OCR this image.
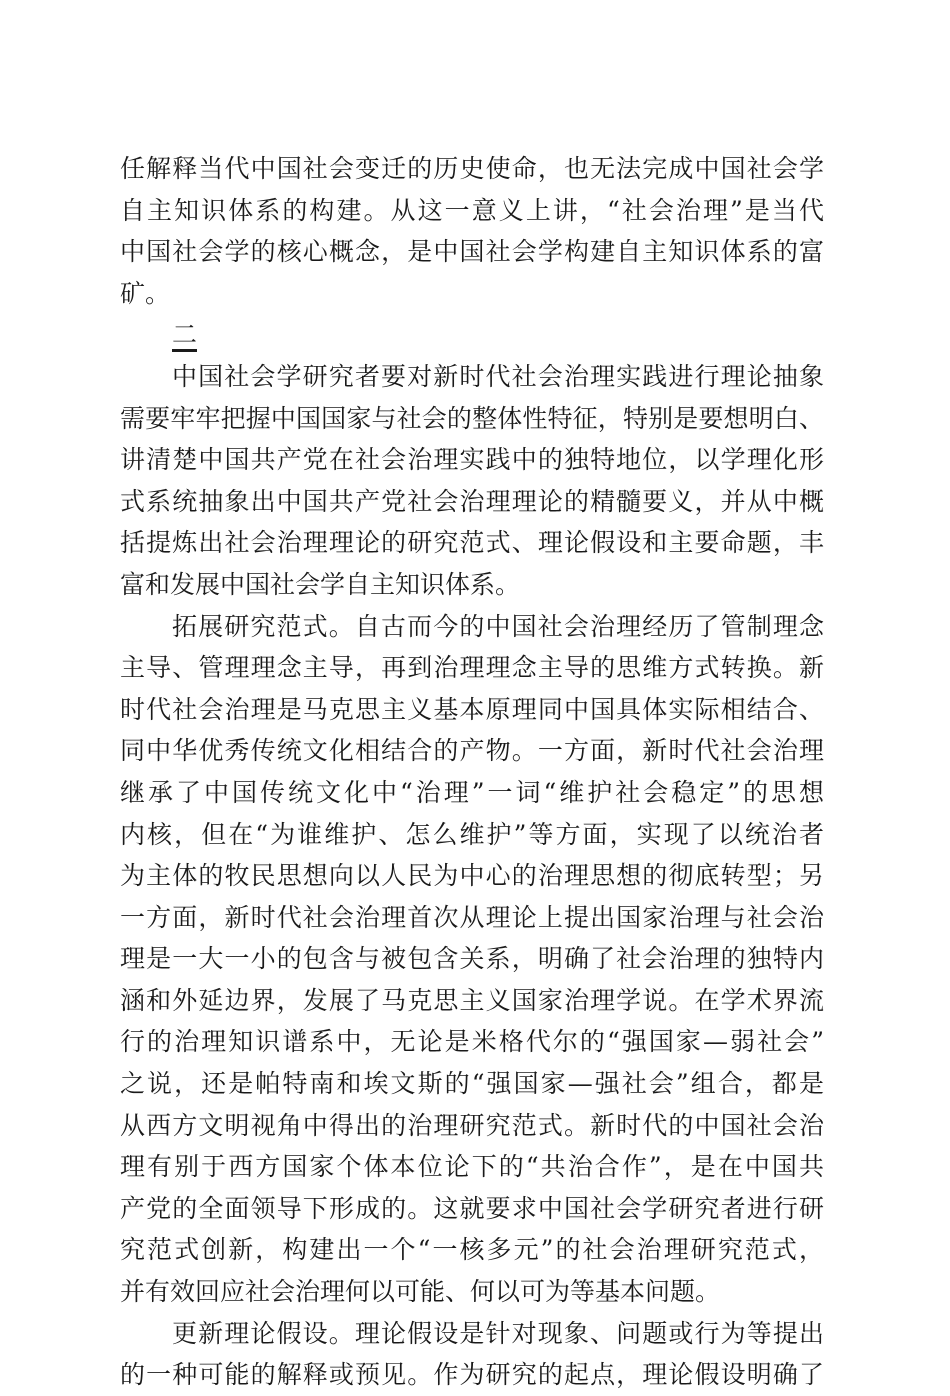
任解释当代中国社会变迁的历史使命，也无法完成中国社会学
自主知识体系的构建。从这一意义上讲，“社会治理”是当代
中国社会学的核心概念，是中国社会学构建自主知识体系的富
矿。
二
中国社会学研究者要对新时代社会治理实践进行理论抽象
需要牢牢把握中国国家与社会的整体性特征，特别是要想明白、
讲清楚中国共产党在社会治理实践中的独特地位，以学理化形
式系统抽象出中国共产党社会治理理论的精髓要义，并从中概
括提炼出社会治理理论的研究范式、理论假设和主要命题，丰
富和发展中国社会学自主知识体系。
拓展研究范式。自古而今的中国社会治理经历了管制理念
主导、管理理念主导，再到治理理念主导的思维方式转换。新
时代社会治理是马克思主义基本原理同中国具体实际相结合、
同中华优秀传统文化相结合的产物。一方面，新时代社会治理
继承了中国传统文化中“治理”一词“维护社会稳定”的思想
内核，但在“为谁维护、怎么维护”等方面，实现了以统治者
为主体的牧民思想向以人民为中心的治理思想的彻底转型；另
一方面，新时代社会治理首次从理论上提出国家治理与社会治
理是一大一小的包含与被包含关系，明确了社会治理的独特内
涵和外延边界，发展了马克思主义国家治理学说。在学术界流
行的治理知识谱系中，无论是米格代尔的“强国家—弱社会”
之说，还是帕特南和埃文斯的“强国家—强社会”组合，都是
从西方文明视角中得出的治理研究范式。新时代的中国社会治
理有别于西方国家个体本位论下的“共治合作”，是在中国共
产党的全面领导下形成的。这就要求中国社会学研究者进行研
究范式创新，构建出一个“一核多元”的社会治理研究范式，
并有效回应社会治理何以可能、何以可为等基本问题。
更新理论假设。理论假设是针对现象、问题或行为等提出
的一种可能的解释或预见。作为研究的起点，理论假设明确了
